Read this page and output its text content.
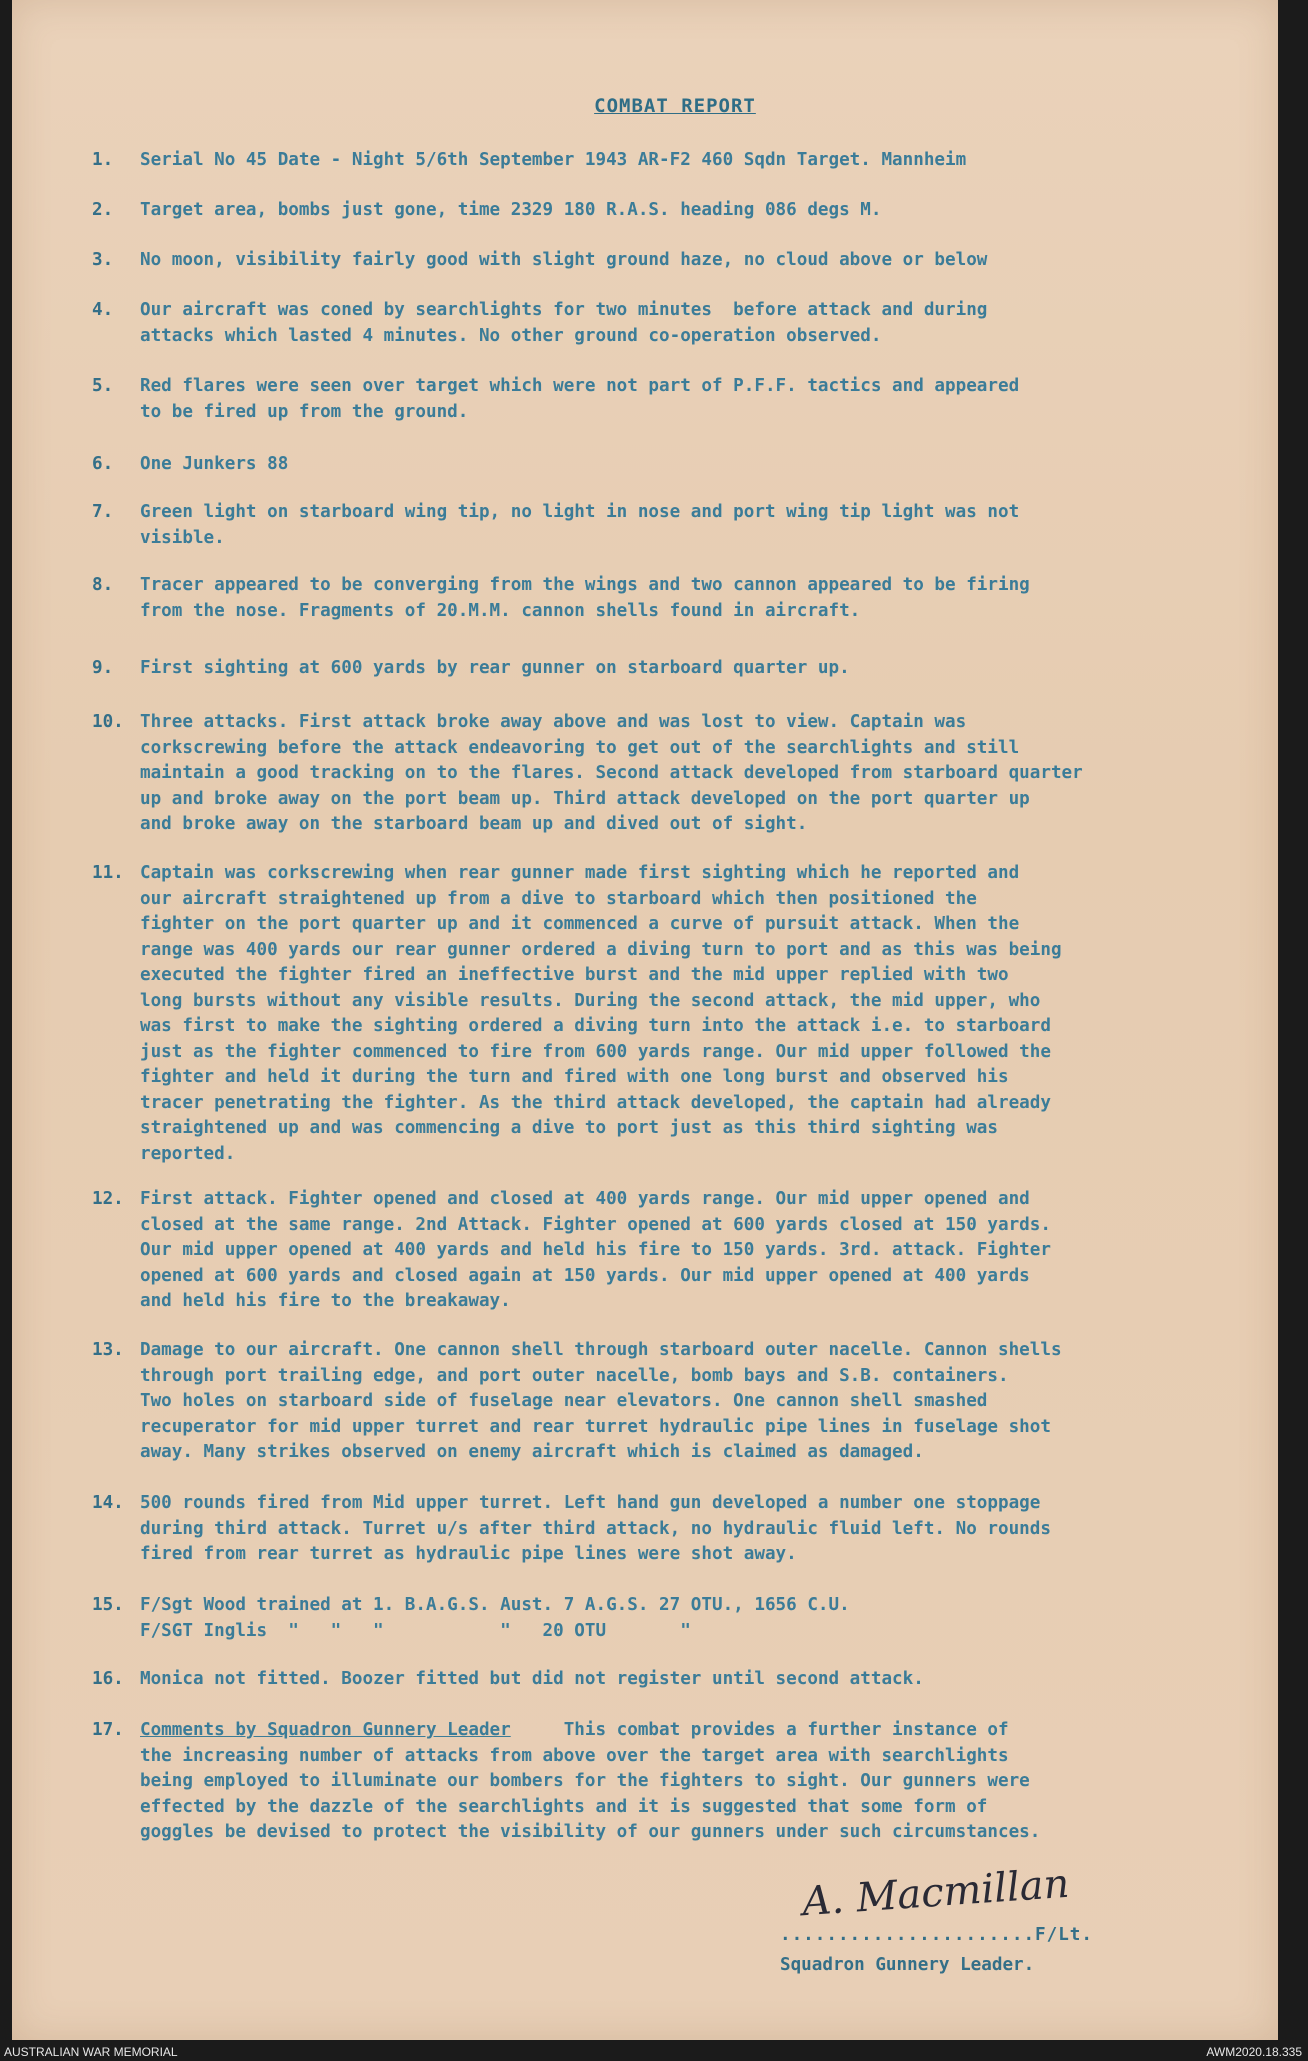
COMBAT REPORT
1.	Serial No 45 Date - Night 5/6th September 1943 AR-F2 460 Sqdn Target. Mannheim
2.	Target area, bombs just gone, time 2329 180 R.A.S. heading 086 degs M.
3.	No moon, visibility fairly good with slight ground haze, no cloud above or below
4.	Our aircraft was coned by searchlights for two minutes  before attack and during
attacks which lasted 4 minutes. No other ground co-operation observed.
5.	Red flares were seen over target which were not part of P.F.F. tactics and appeared
to be fired up from the ground.
6.	One Junkers 88
7.	Green light on starboard wing tip, no light in nose and port wing tip light was not
visible.
8.	Tracer appeared to be converging from the wings and two cannon appeared to be firing
from the nose. Fragments of 20.M.M. cannon shells found in aircraft.
9.	First sighting at 600 yards by rear gunner on starboard quarter up.
10. Three attacks. First attack broke away above and was lost to view. Captain was
corkscrewing before the attack endeavoring to get out of the searchlights and still
maintain a good tracking on to the flares. Second attack developed from starboard quarter
up and broke away on the port beam up. Third attack developed on the port quarter up
and broke away on the starboard beam up and dived out of sight.
11. Captain was corkscrewing when rear gunner made first sighting which he reported and
our aircraft straightened up from a dive to starboard which then positioned the
fighter on the port quarter up and it commenced a curve of pursuit attack. When the
range was 400 yards our rear gunner ordered a diving turn to port and as this was being
executed the fighter fired an ineffective burst and the mid upper replied with two
long bursts without any visible results. During the second attack, the mid upper, who
was first to make the sighting ordered a diving turn into the attack i.e. to starboard
just as the fighter commenced to fire from 600 yards range. Our mid upper followed the
fighter and held it during the turn and fired with one long burst and observed his
tracer penetrating the fighter. As the third attack developed, the captain had already
straightened up and was commencing a dive to port just as this third sighting was
reported.
12. First attack. Fighter opened and closed at 400 yards range. Our mid upper opened and
closed at the same range. 2nd Attack. Fighter opened at 600 yards closed at 150 yards.
Our mid upper opened at 400 yards and held his fire to 150 yards. 3rd. attack. Fighter
opened at 600 yards and closed again at 150 yards. Our mid upper opened at 400 yards
and held his fire to the breakaway.
13. Damage to our aircraft. One cannon shell through starboard outer nacelle. Cannon shells
through port trailing edge, and port outer nacelle, bomb bays and S.B. containers.
Two holes on starboard side of fuselage near elevators. One cannon shell smashed
recuperator for mid upper turret and rear turret hydraulic pipe lines in fuselage shot
away. Many strikes observed on enemy aircraft which is claimed as damaged.
14. 500 rounds fired from Mid upper turret. Left hand gun developed a number one stoppage
during third attack. Turret u/s after third attack, no hydraulic fluid left. No rounds
fired from rear turret as hydraulic pipe lines were shot away.
15. F/Sgt Wood trained at 1. B.A.G.S. Aust. 7 A.G.S. 27 OTU., 1656 C.U.
F/SGT Inglis  "   "   "           "   20 OTU       "
16. Monica not fitted. Boozer fitted but did not register until second attack.
17. Comments by Squadron Gunnery Leader	This combat provides a further instance of
the increasing number of attacks from above over the target area with searchlights
being employed to illuminate our bombers for the fighters to sight. Our gunners were
effected by the dazzle of the searchlights and it is suggested that some form of
goggles be devised to protect the visibility of our gunners under such circumstances.
A. Macmillan
......................F/Lt.
Squadron Gunnery Leader.
AUSTRALIAN WAR MEMORIAL	AWM2020.18.335
